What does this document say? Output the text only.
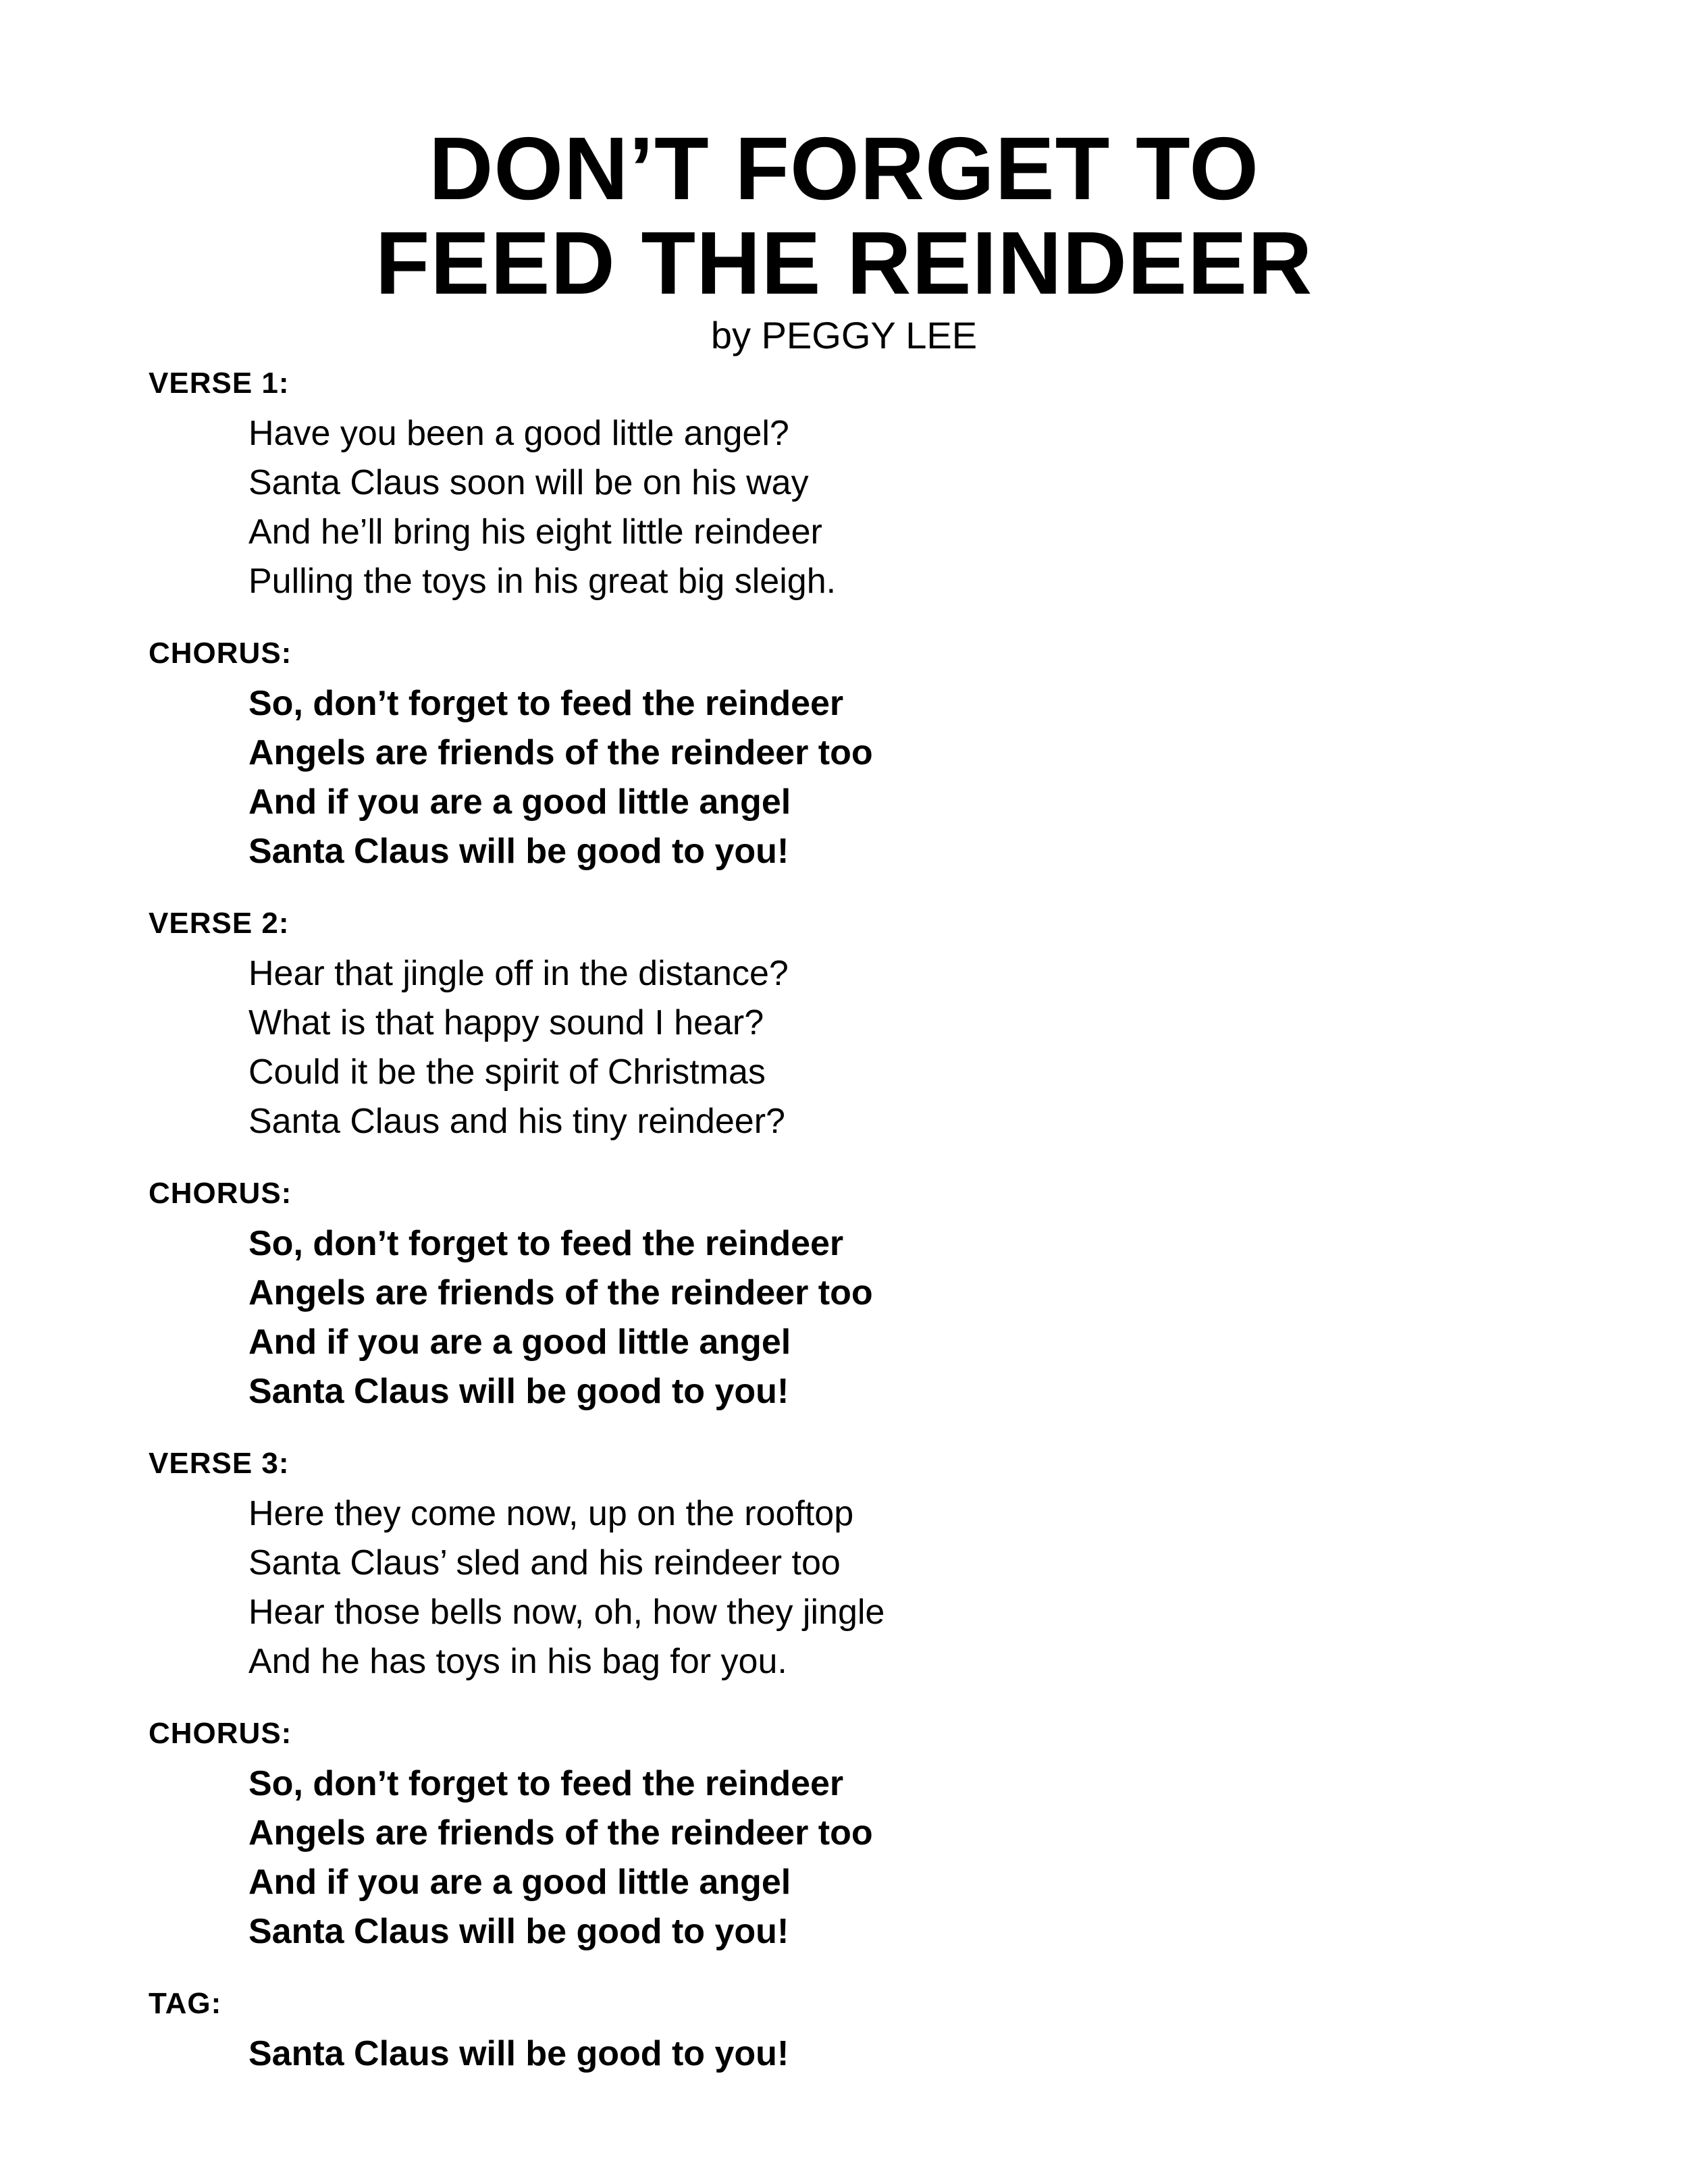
DON’T FORGET TO
FEED THE REINDEER
by PEGGY LEE
VERSE 1:
Have you been a good little angel?
Santa Claus soon will be on his way
And he’ll bring his eight little reindeer
Pulling the toys in his great big sleigh.
CHORUS:
So, don’t forget to feed the reindeer
Angels are friends of the reindeer too
And if you are a good little angel
Santa Claus will be good to you!
VERSE 2:
Hear that jingle off in the distance?
What is that happy sound I hear?
Could it be the spirit of Christmas
Santa Claus and his tiny reindeer?
CHORUS:
So, don’t forget to feed the reindeer
Angels are friends of the reindeer too
And if you are a good little angel
Santa Claus will be good to you!
VERSE 3:
Here they come now, up on the rooftop
Santa Claus’ sled and his reindeer too
Hear those bells now, oh, how they jingle
And he has toys in his bag for you.
CHORUS:
So, don’t forget to feed the reindeer
Angels are friends of the reindeer too
And if you are a good little angel
Santa Claus will be good to you!
TAG:
Santa Claus will be good to you!
